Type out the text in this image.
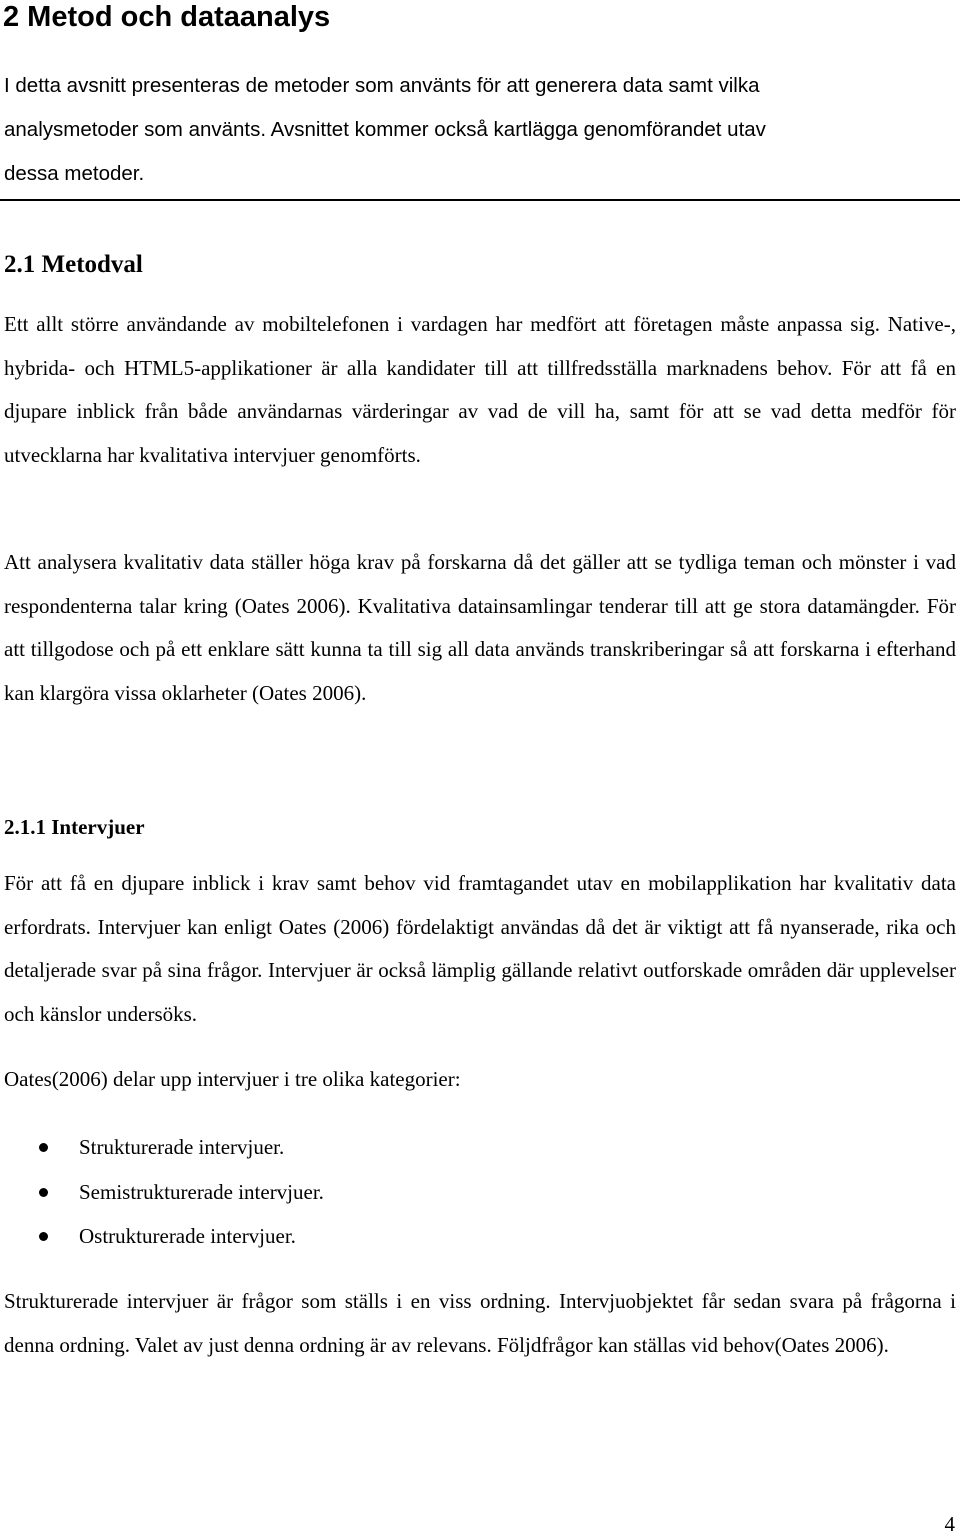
2 Metod och dataanalys

I detta avsnitt presenteras de metoder som använts för att generera data samt vilka analysmetoder som använts. Avsnittet kommer också kartlägga genomförandet utav dessa metoder.

2.1 Metodval

Ett allt större användande av mobiltelefonen i vardagen har medfört att företagen måste anpassa sig. Native-, hybrida- och HTML5-applikationer är alla kandidater till att tillfredsställa marknadens behov. För att få en djupare inblick från både användarnas värderingar av vad de vill ha, samt för att se vad detta medför för utvecklarna har kvalitativa intervjuer genomförts.

Att analysera kvalitativ data ställer höga krav på forskarna då det gäller att se tydliga teman och mönster i vad respondenterna talar kring (Oates 2006). Kvalitativa datainsamlingar tenderar till att ge stora datamängder. För att tillgodose och på ett enklare sätt kunna ta till sig all data används transkriberingar så att forskarna i efterhand kan klargöra vissa oklarheter (Oates 2006).

2.1.1 Intervjuer

För att få en djupare inblick i krav samt behov vid framtagandet utav en mobilapplikation har kvalitativ data erfordrats. Intervjuer kan enligt Oates (2006) fördelaktigt användas då det är viktigt att få nyanserade, rika och detaljerade svar på sina frågor. Intervjuer är också lämplig gällande relativt outforskade områden där upplevelser och känslor undersöks.

Oates(2006) delar upp intervjuer i tre olika kategorier:

Strukturerade intervjuer.
Semistrukturerade intervjuer.
Ostrukturerade intervjuer.

Strukturerade intervjuer är frågor som ställs i en viss ordning. Intervjuobjektet får sedan svara på frågorna i denna ordning. Valet av just denna ordning är av relevans. Följdfrågor kan ställas vid behov(Oates 2006).

4
